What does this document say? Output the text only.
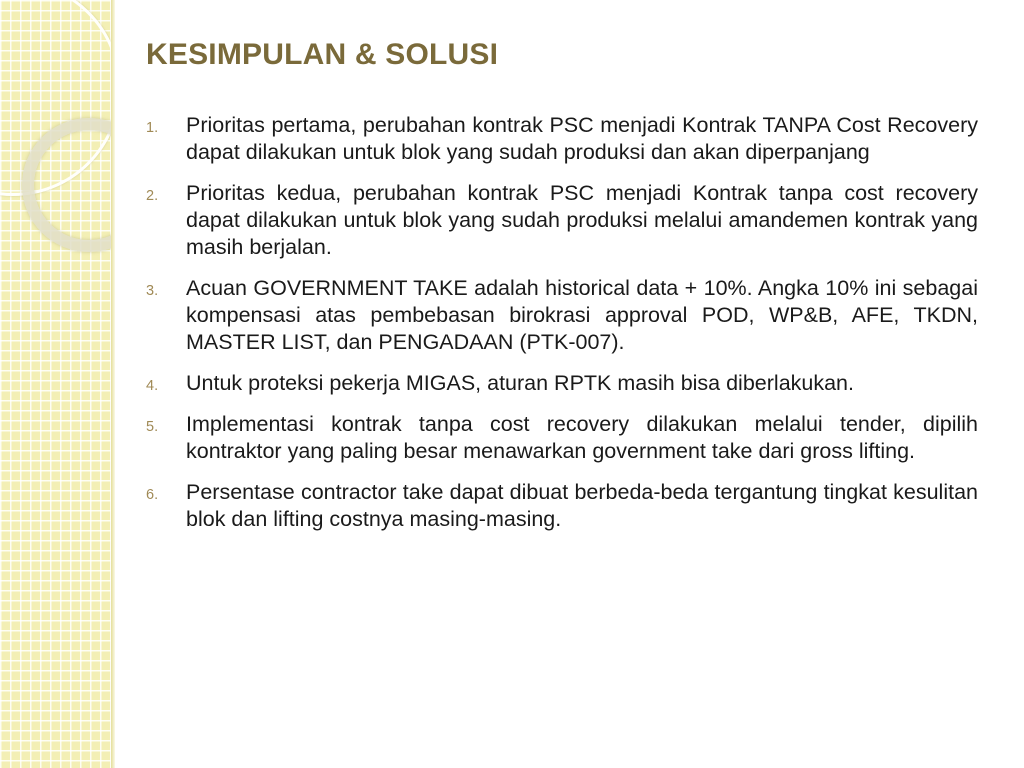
KESIMPULAN & SOLUSI
1.	Prioritas pertama, perubahan kontrak PSC menjadi Kontrak TANPA Cost Recovery dapat dilakukan untuk blok yang sudah produksi dan akan diperpanjang
2.	Prioritas kedua, perubahan kontrak PSC menjadi Kontrak tanpa cost recovery dapat dilakukan untuk blok yang sudah produksi melalui amandemen kontrak yang masih berjalan.
3.	Acuan GOVERNMENT TAKE adalah historical data + 10%. Angka 10% ini sebagai kompensasi atas pembebasan birokrasi approval POD, WP&B, AFE, TKDN, MASTER LIST, dan PENGADAAN (PTK-007).
4.	Untuk proteksi pekerja MIGAS, aturan RPTK masih bisa diberlakukan.
5.	Implementasi kontrak tanpa cost recovery dilakukan melalui tender, dipilih kontraktor yang paling besar menawarkan government take dari gross lifting.
6.	Persentase contractor take dapat dibuat berbeda-beda tergantung tingkat kesulitan blok dan lifting costnya masing-masing.
